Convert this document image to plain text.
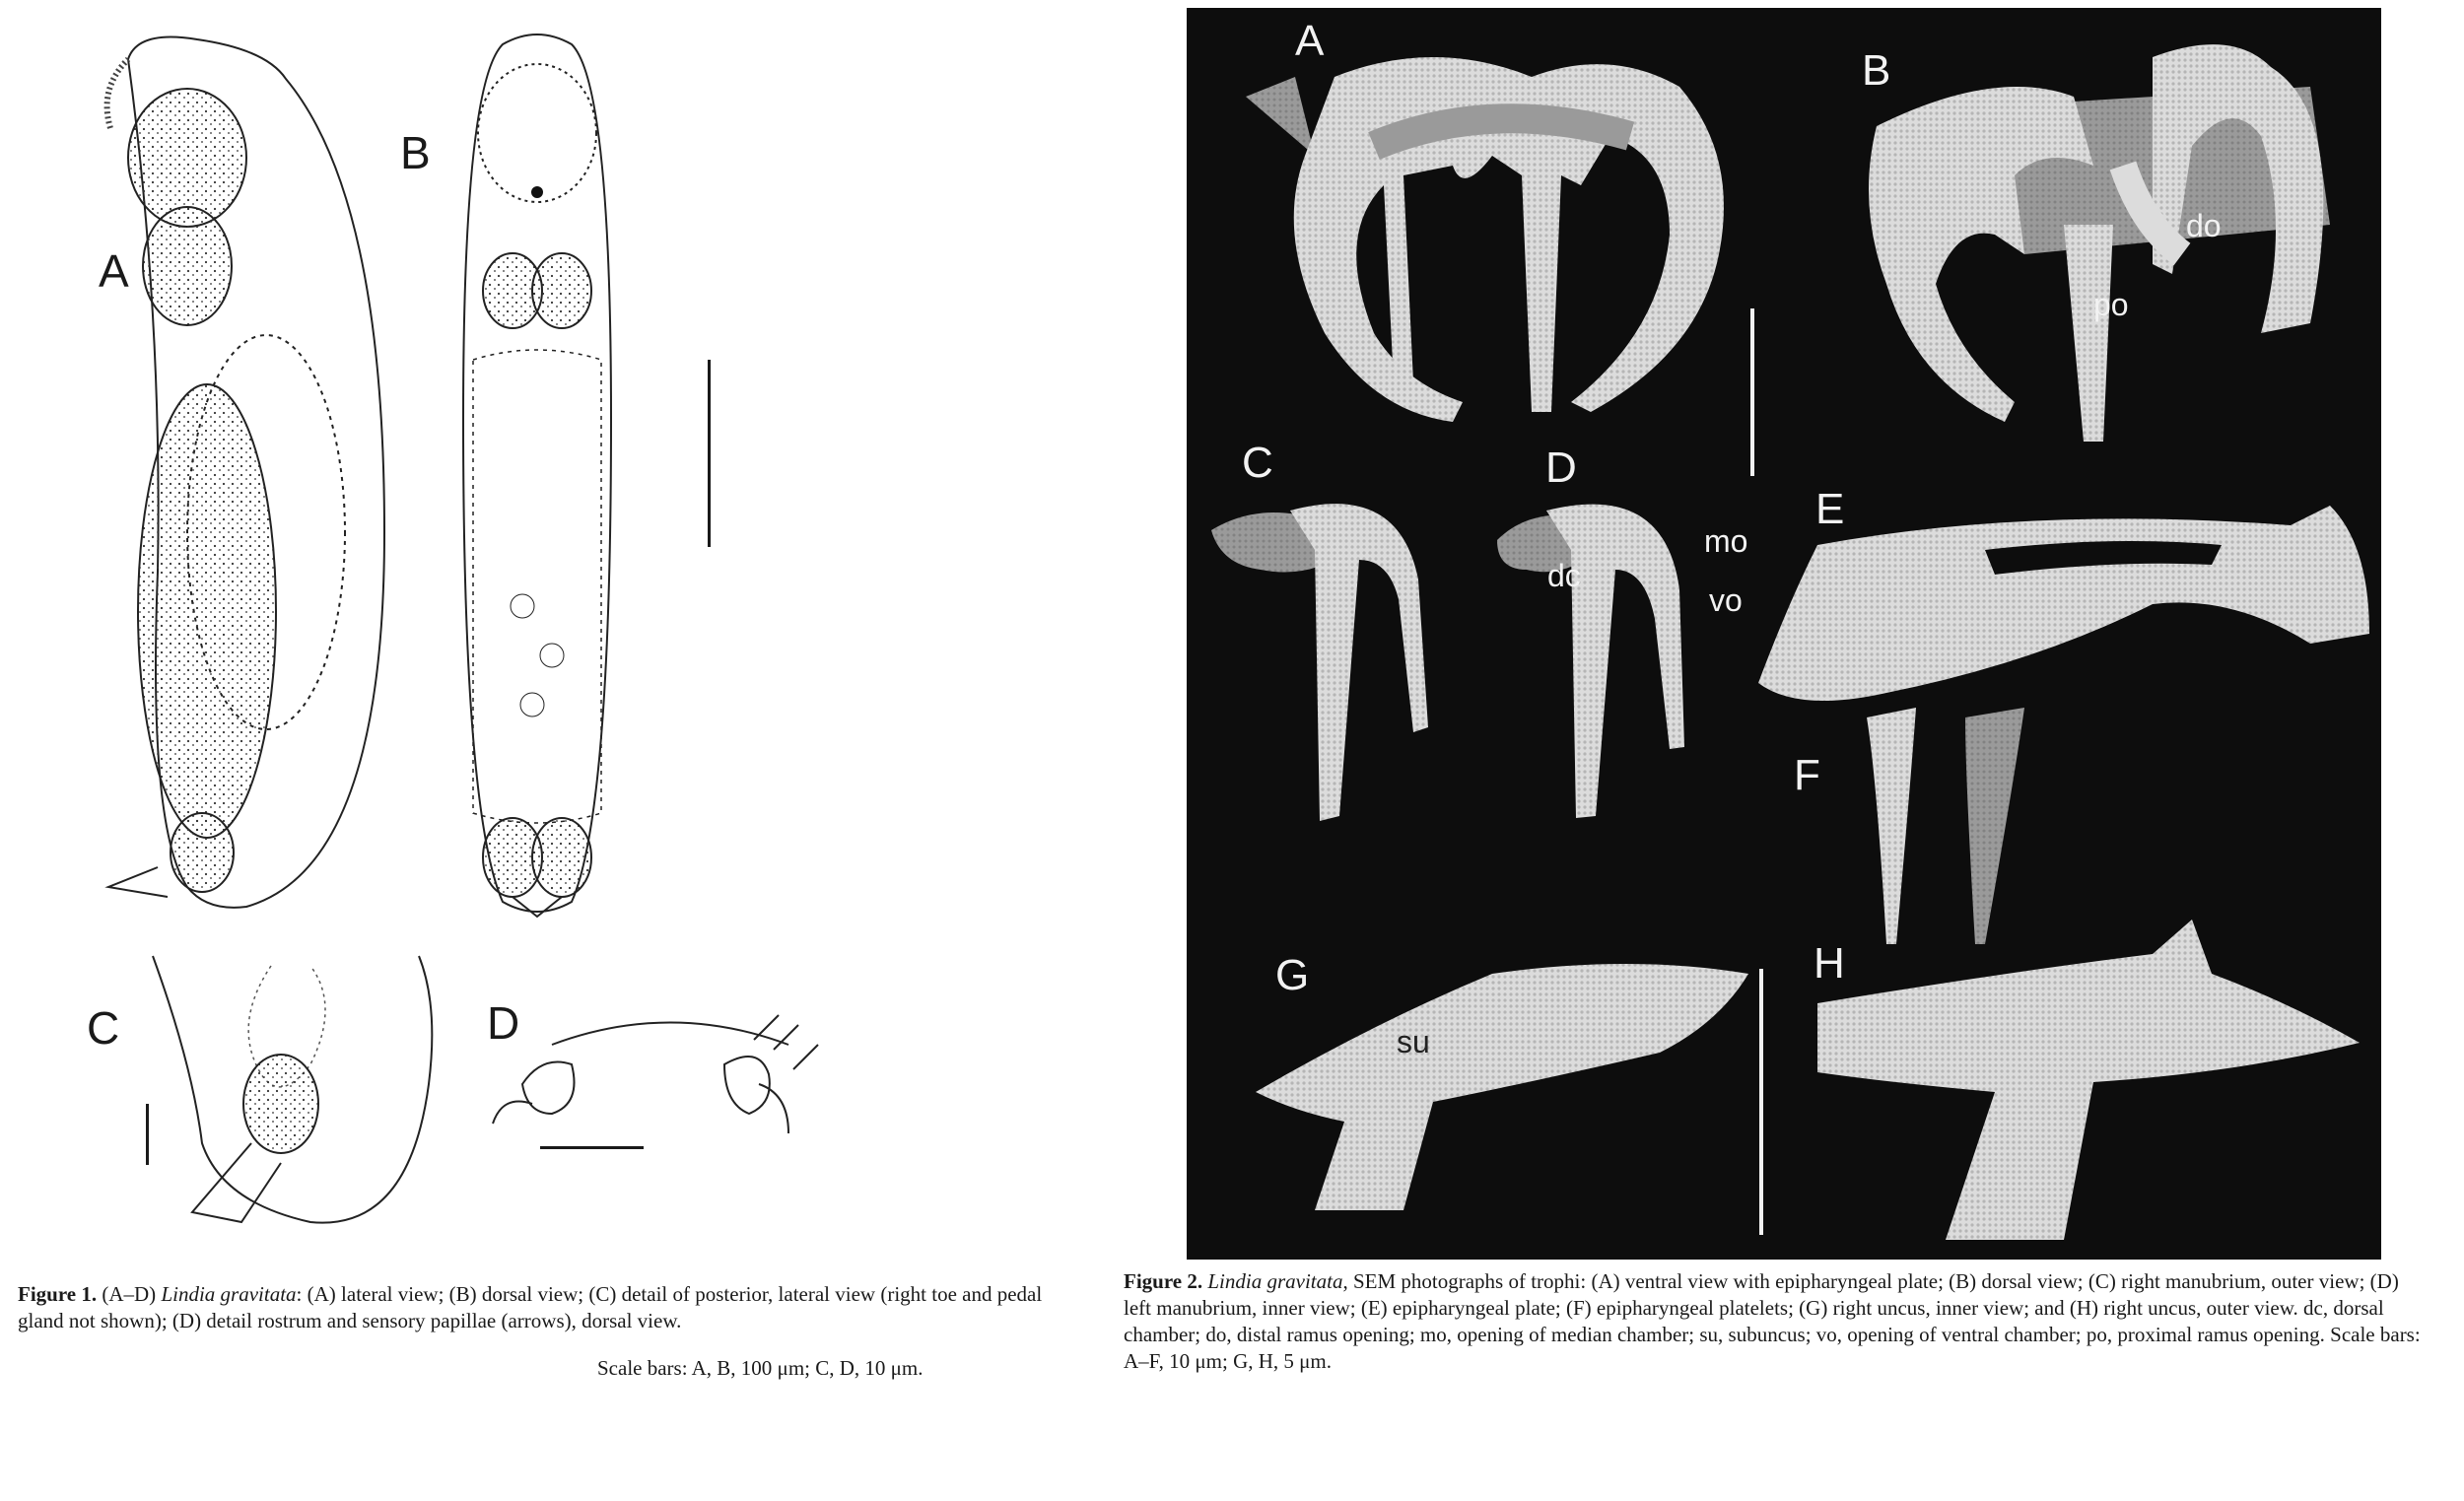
A
B
C	D
Figure 1. (A–D) Lindia gravitata: (A) lateral view; (B) dorsal view; (C) detail of posterior, lateral view (right toe and pedal gland not shown); (D) detail rostrum and sensory papillae (arrows), dorsal view.
Scale bars: A, B, 100 μm; C, D, 10 μm.
A
B
do
po
C	D
mo
dc
vo
E
F
G
su
H
Figure 2. Lindia gravitata, SEM photographs of trophi: (A) ventral view with epipharyngeal plate; (B) dorsal view; (C) right manubrium, outer view; (D) left manubrium, inner view; (E) epipharyngeal plate; (F) epipharyngeal platelets; (G) right uncus, inner view; and (H) right uncus, outer view. dc, dorsal chamber; do, distal ramus opening; mo, opening of median chamber; su, subuncus; vo, opening of ventral chamber; po, proximal ramus opening. Scale bars: A–F, 10 μm; G, H, 5 μm.
